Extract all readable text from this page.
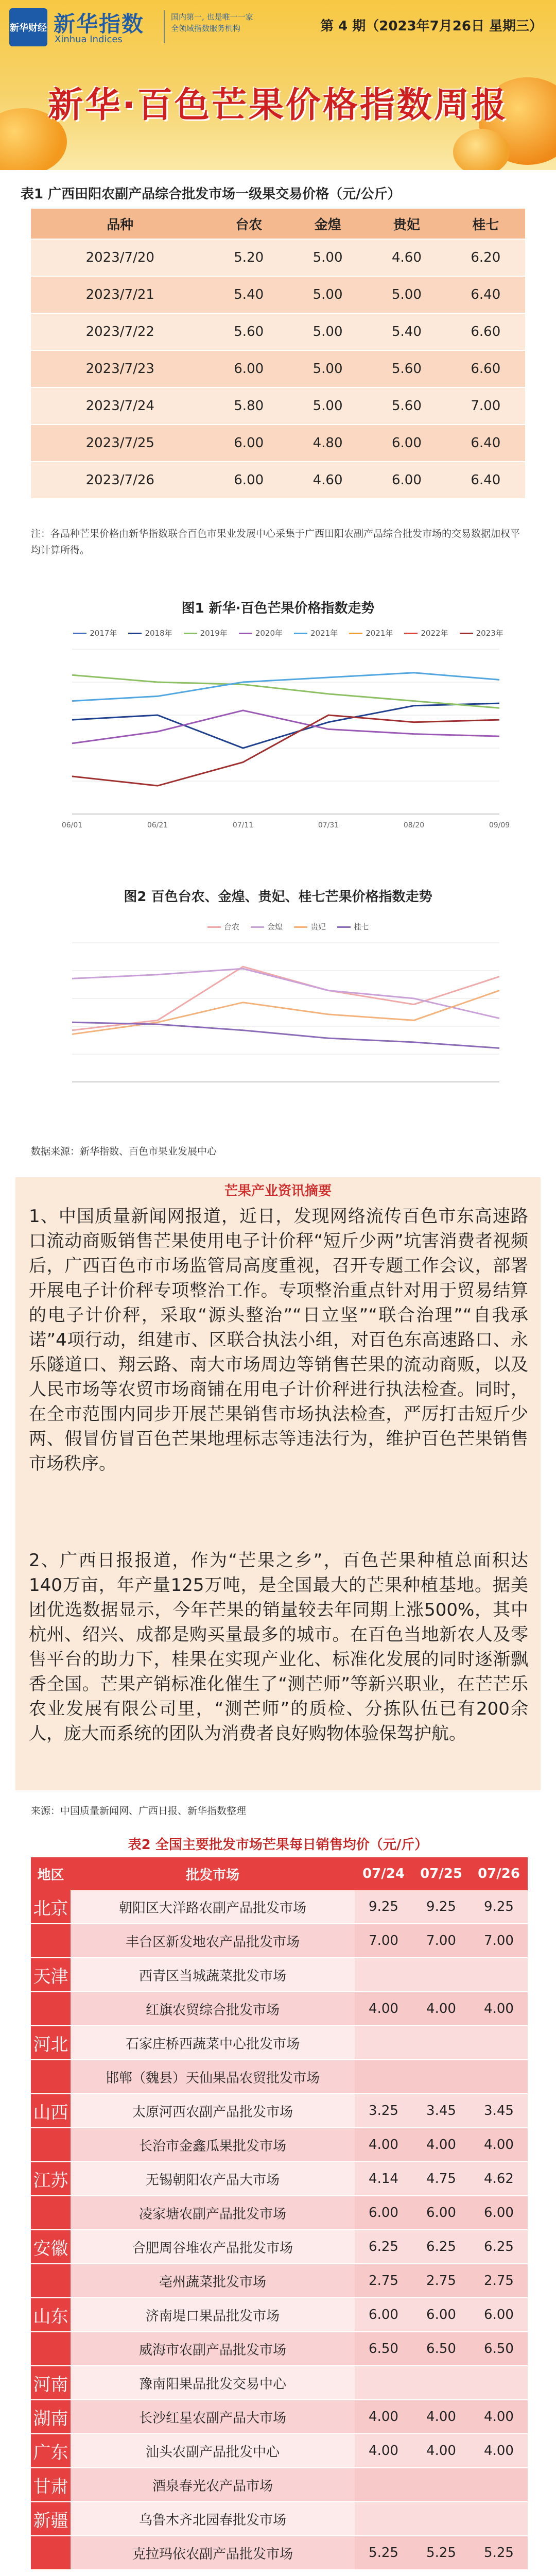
新华财经 新华指数
Xinhua Indices
国内第一, 也是唯一一家
全领域指数服务机构	第 4 期（2023年7月26日 星期三）
新华·百色芒果价格指数周报
表1 广西田阳农副产品综合批发市场一级果交易价格（元/公斤）
品种	台农	金煌	贵妃	桂七
2023/7/20	5.20	5.00	4.60	6.20
2023/7/21	5.40	5.00	5.00	6.40
2023/7/22	5.60	5.00	5.40	6.60
2023/7/23	6.00	5.00	5.60	6.60
2023/7/24	5.80	5.00	5.60	7.00
2023/7/25	6.00	4.80	6.00	6.40
2023/7/26	6.00	4.60	6.00	6.40
注：各品种芒果价格由新华指数联合百色市果业发展中心采集于广西田阳农副产品综合批发市场的交易数据加权平均计算所得。
图1 新华·百色芒果价格指数走势
2017年	2018年	2019年	2020年	2021年	2021年	2022年	2023年
06/01	06/21	07/11	07/31	08/20	09/09
图2 百色台农、金煌、贵妃、桂七芒果价格指数走势
台农	金煌	贵妃	桂七
数据来源：新华指数、百色市果业发展中心
芒果产业资讯摘要
1、中国质量新闻网报道，近日，发现网络流传百色市东高速路口流动商贩销售芒果使用电子计价秤“短斤少两”坑害消费者视频后，广西百色市市场监管局高度重视，召开专题工作会议，部署开展电子计价秤专项整治工作。专项整治重点针对用于贸易结算的电子计价秤，采取“源头整治”“日立坚”“联合治理”“自我承诺”4项行动，组建市、区联合执法小组，对百色东高速路口、永乐隧道口、翔云路、南大市场周边等销售芒果的流动商贩，以及人民市场等农贸市场商铺在用电子计价秤进行执法检查。同时，在全市范围内同步开展芒果销售市场执法检查，严厉打击短斤少两、假冒仿冒百色芒果地理标志等违法行为，维护百色芒果销售市场秩序。
2、广西日报报道，作为“芒果之乡”，百色芒果种植总面积达140万亩，年产量125万吨，是全国最大的芒果种植基地。据美团优选数据显示，今年芒果的销量较去年同期上涨500%，其中杭州、绍兴、成都是购买量最多的城市。在百色当地新农人及零售平台的助力下，桂果在实现产业化、标准化发展的同时逐渐飘香全国。芒果产销标准化催生了“测芒师”等新兴职业，在芒芒乐农业发展有限公司里，“测芒师”的质检、分拣队伍已有200余人，庞大而系统的团队为消费者良好购物体验保驾护航。
来源：中国质量新闻网、广西日报、新华指数整理
表2 全国主要批发市场芒果每日销售均价（元/斤）
地区	批发市场	07/24	07/25	07/26
北京	朝阳区大洋路农副产品批发市场	9.25	9.25	9.25
	丰台区新发地农产品批发市场	7.00	7.00	7.00
天津	西青区当城蔬菜批发市场			
	红旗农贸综合批发市场	4.00	4.00	4.00
河北	石家庄桥西蔬菜中心批发市场			
	邯郸（魏县）天仙果品农贸批发市场			
山西	太原河西农副产品批发市场	3.25	3.45	3.45
	长治市金鑫瓜果批发市场	4.00	4.00	4.00
江苏	无锡朝阳农产品大市场	4.14	4.75	4.62
	凌家塘农副产品批发市场	6.00	6.00	6.00
安徽	合肥周谷堆农产品批发市场	6.25	6.25	6.25
	亳州蔬菜批发市场	2.75	2.75	2.75
山东	济南堤口果品批发市场	6.00	6.00	6.00
	威海市农副产品批发市场	6.50	6.50	6.50
河南	豫南阳果品批发交易中心			
湖南	长沙红星农副产品大市场	4.00	4.00	4.00
广东	汕头农副产品批发中心	4.00	4.00	4.00
甘肃	酒泉春光农产品市场			
新疆	乌鲁木齐北园春批发市场			
	克拉玛依农副产品批发市场	5.25	5.25	5.25
